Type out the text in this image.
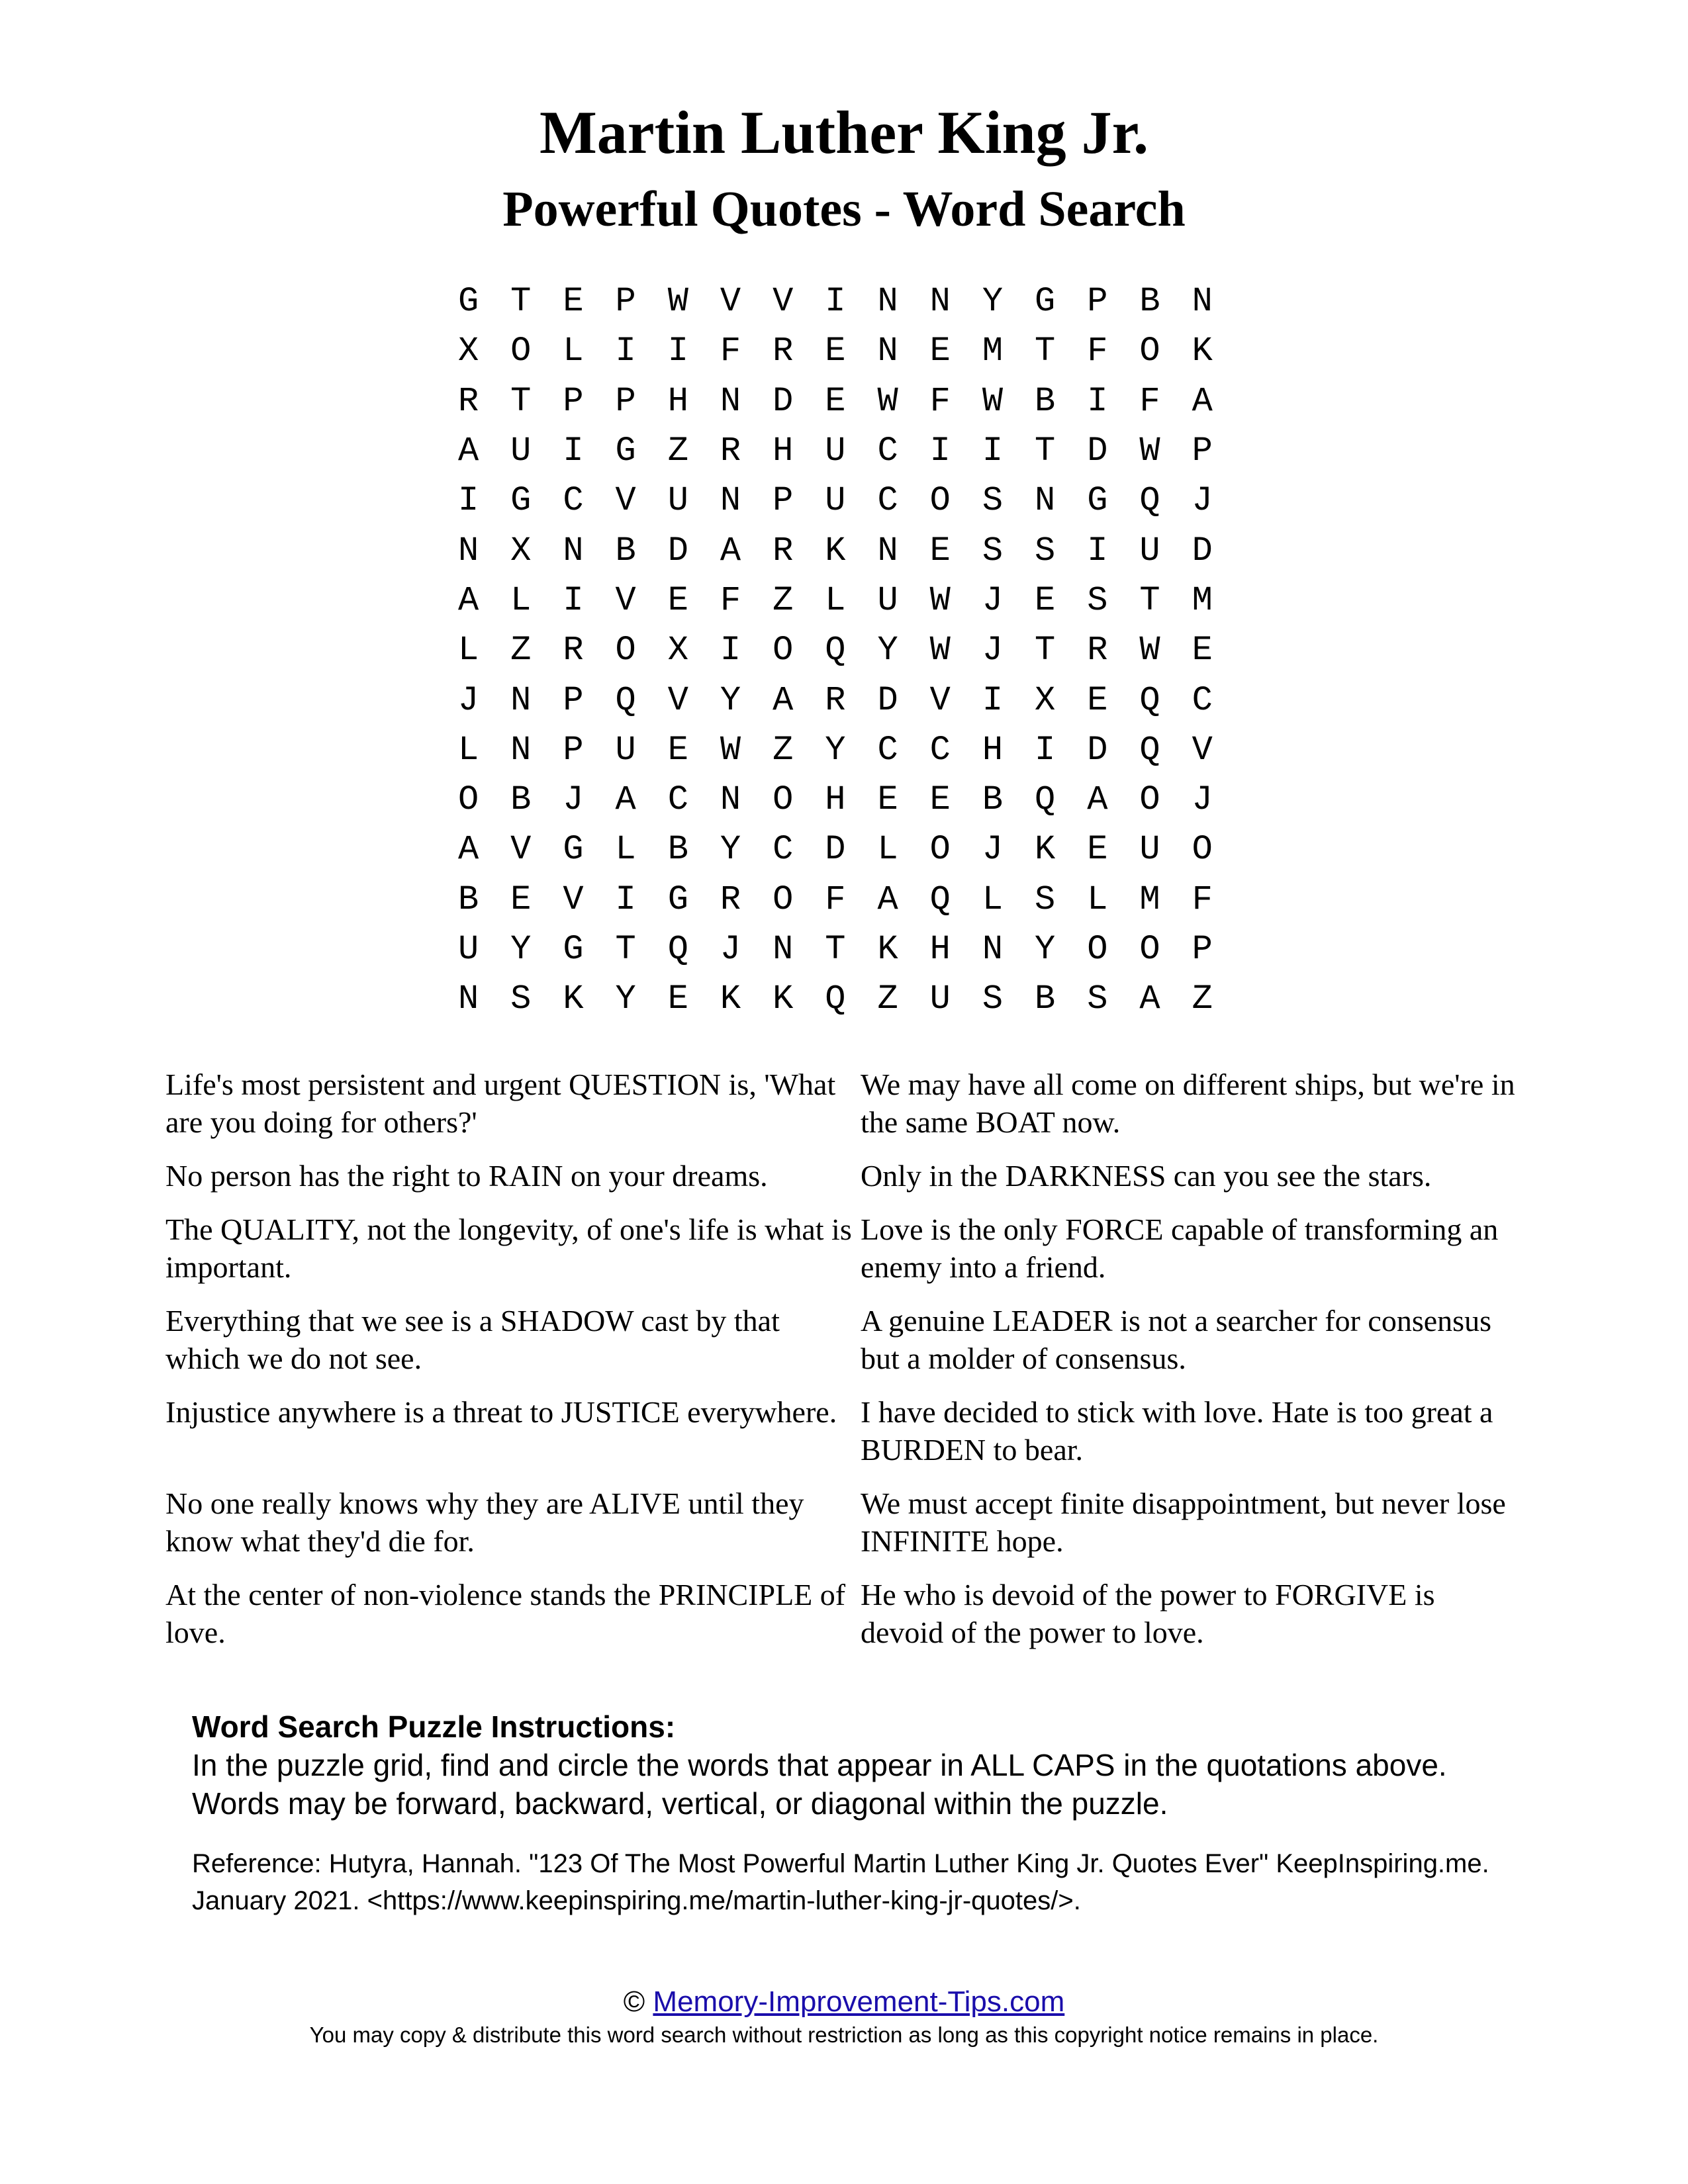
Martin Luther King Jr.
Powerful Quotes - Word Search
G T E P W V V I N N Y G P B N
X O L I I F R E N E M T F O K
R T P P H N D E W F W B I F A
A U I G Z R H U C I I T D W P
I G C V U N P U C O S N G Q J
N X N B D A R K N E S S I U D
A L I V E F Z L U W J E S T M
L Z R O X I O Q Y W J T R W E
J N P Q V Y A R D V I X E Q C
L N P U E W Z Y C C H I D Q V
O B J A C N O H E E B Q A O J
A V G L B Y C D L O J K E U O
B E V I G R O F A Q L S L M F
U Y G T Q J N T K H N Y O O P
N S K Y E K K Q Z U S B S A Z
Life's most persistent and urgent QUESTION is, 'What are you doing for others?'
No person has the right to RAIN on your dreams.
The QUALITY, not the longevity, of one's life is what is important.
Everything that we see is a SHADOW cast by that which we do not see.
Injustice anywhere is a threat to JUSTICE everywhere.
No one really knows why they are ALIVE until they know what they'd die for.
At the center of non-violence stands the PRINCIPLE of love.
We may have all come on different ships, but we're in the same BOAT now.
Only in the DARKNESS can you see the stars.
Love is the only FORCE capable of transforming an enemy into a friend.
A genuine LEADER is not a searcher for consensus but a molder of consensus.
I have decided to stick with love. Hate is too great a BURDEN to bear.
We must accept finite disappointment, but never lose INFINITE hope.
He who is devoid of the power to FORGIVE is devoid of the power to love.
Word Search Puzzle Instructions:
In the puzzle grid, find and circle the words that appear in ALL CAPS in the quotations above. Words may be forward, backward, vertical, or diagonal within the puzzle.
Reference: Hutyra, Hannah. "123 Of The Most Powerful Martin Luther King Jr. Quotes Ever" KeepInspiring.me. January 2021. <https://www.keepinspiring.me/martin-luther-king-jr-quotes/>.
© Memory-Improvement-Tips.com
You may copy & distribute this word search without restriction as long as this copyright notice remains in place.
